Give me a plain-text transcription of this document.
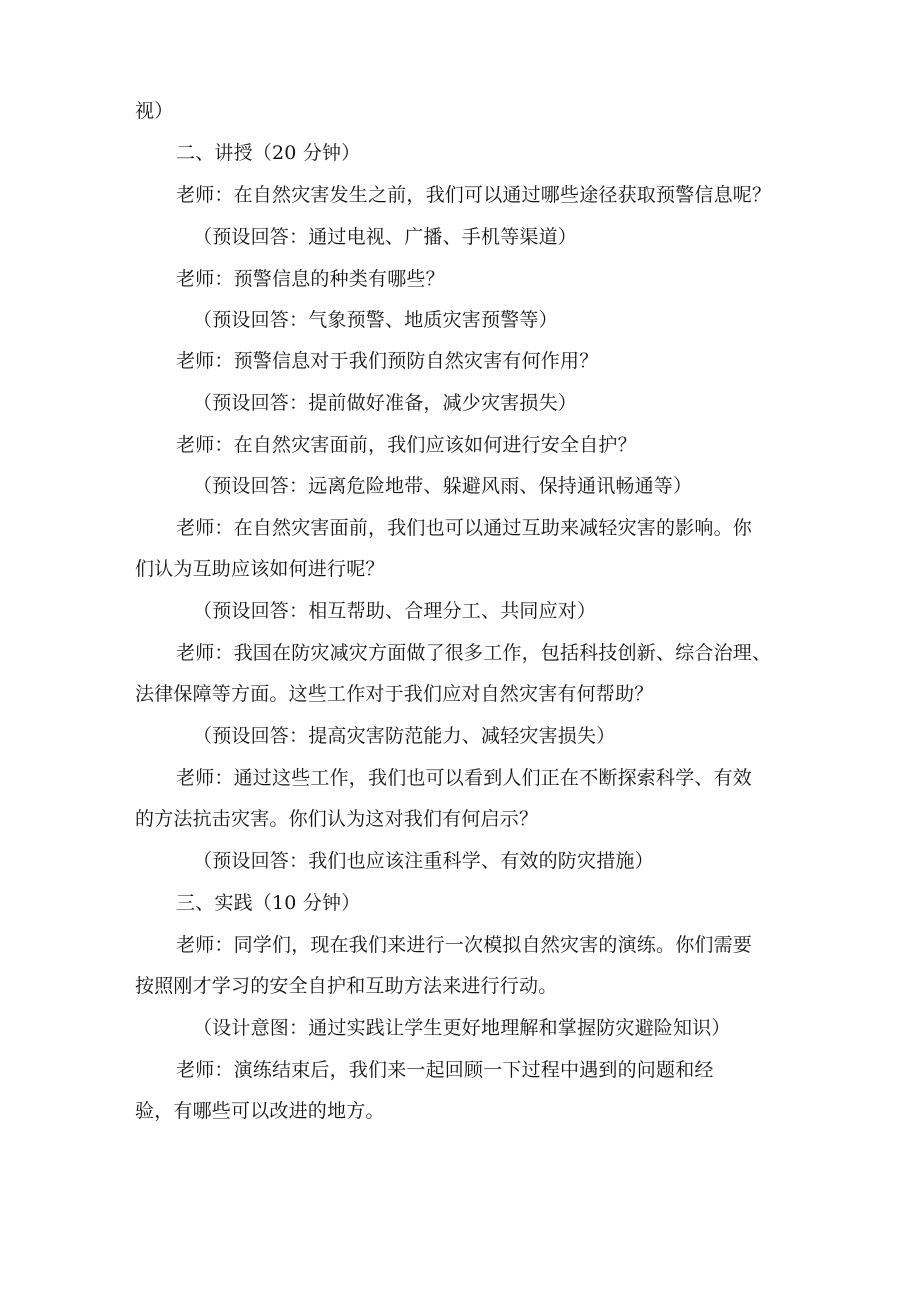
视）
二、讲授（20 分钟）
老师：在自然灾害发生之前，我们可以通过哪些途径获取预警信息呢？
（预设回答：通过电视、广播、手机等渠道）
老师：预警信息的种类有哪些？
（预设回答：气象预警、地质灾害预警等）
老师：预警信息对于我们预防自然灾害有何作用？
（预设回答：提前做好准备，减少灾害损失）
老师：在自然灾害面前，我们应该如何进行安全自护？
（预设回答：远离危险地带、躲避风雨、保持通讯畅通等）
老师：在自然灾害面前，我们也可以通过互助来减轻灾害的影响。你
们认为互助应该如何进行呢？
（预设回答：相互帮助、合理分工、共同应对）
老师：我国在防灾减灾方面做了很多工作，包括科技创新、综合治理、
法律保障等方面。这些工作对于我们应对自然灾害有何帮助？
（预设回答：提高灾害防范能力、减轻灾害损失）
老师：通过这些工作，我们也可以看到人们正在不断探索科学、有效
的方法抗击灾害。你们认为这对我们有何启示？
（预设回答：我们也应该注重科学、有效的防灾措施）
三、实践（10 分钟）
老师：同学们，现在我们来进行一次模拟自然灾害的演练。你们需要
按照刚才学习的安全自护和互助方法来进行行动。
（设计意图：通过实践让学生更好地理解和掌握防灾避险知识）
老师：演练结束后，我们来一起回顾一下过程中遇到的问题和经
验，有哪些可以改进的地方。
